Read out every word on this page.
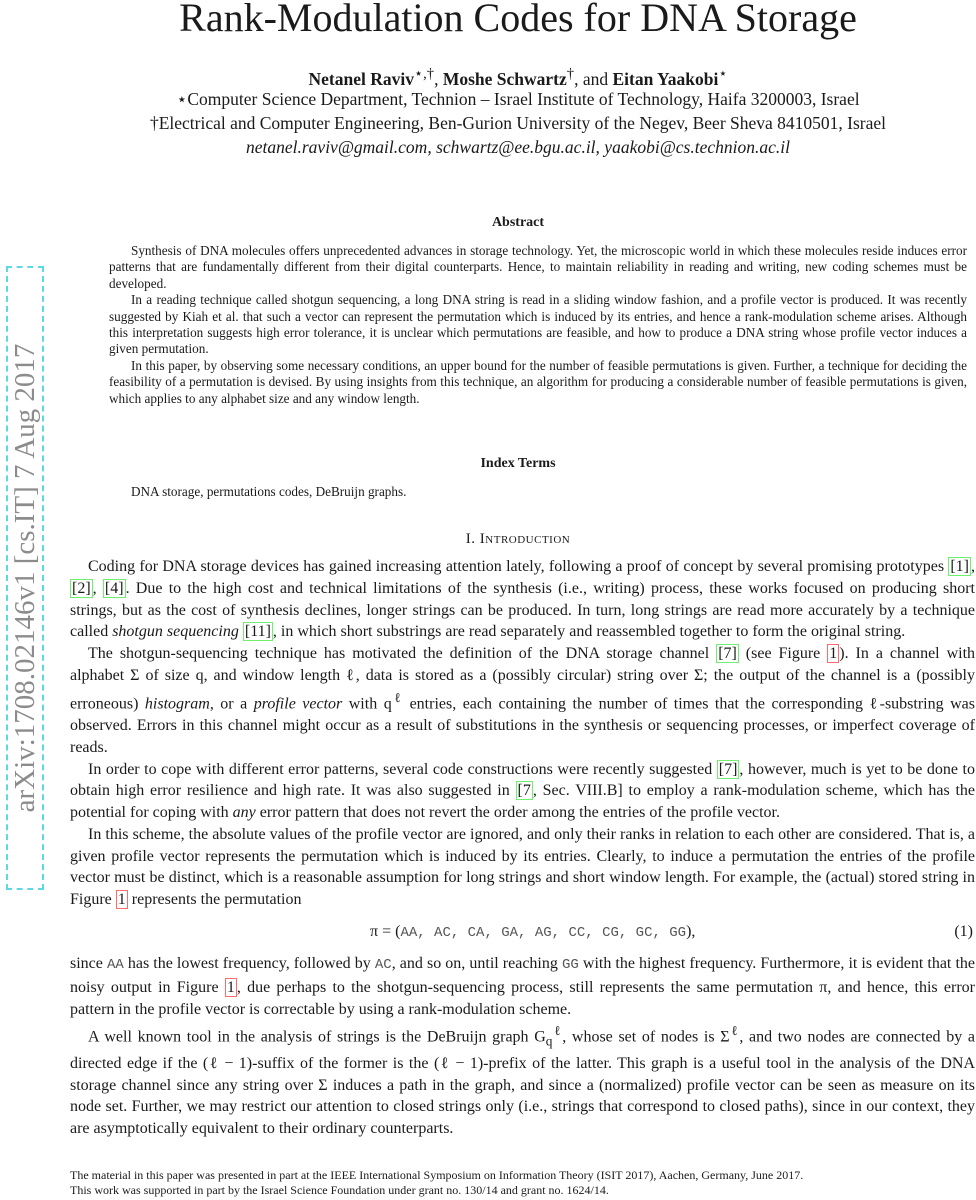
arXiv:1708.02146v1 [cs.IT] 7 Aug 2017
Rank-Modulation Codes for DNA Storage
Netanel Raviv⋆,†, Moshe Schwartz†, and Eitan Yaakobi⋆
⋆Computer Science Department, Technion – Israel Institute of Technology, Haifa 3200003, Israel
†Electrical and Computer Engineering, Ben-Gurion University of the Negev, Beer Sheva 8410501, Israel
netanel.raviv@gmail.com, schwartz@ee.bgu.ac.il, yaakobi@cs.technion.ac.il
Abstract

Synthesis of DNA molecules offers unprecedented advances in storage technology. Yet, the microscopic world in which these molecules reside induces error patterns that are fundamentally different from their digital counterparts. Hence, to maintain reliability in reading and writing, new coding schemes must be developed.

In a reading technique called shotgun sequencing, a long DNA string is read in a sliding window fashion, and a profile vector is produced. It was recently suggested by Kiah et al. that such a vector can represent the permutation which is induced by its entries, and hence a rank-modulation scheme arises. Although this interpretation suggests high error tolerance, it is unclear which permutations are feasible, and how to produce a DNA string whose profile vector induces a given permutation.

In this paper, by observing some necessary conditions, an upper bound for the number of feasible permutations is given. Further, a technique for deciding the feasibility of a permutation is devised. By using insights from this technique, an algorithm for producing a considerable number of feasible permutations is given, which applies to any alphabet size and any window length.

Index Terms
DNA storage, permutations codes, DeBruijn graphs.
I. Introduction

Coding for DNA storage devices has gained increasing attention lately, following a proof of concept by several promising prototypes [1] , [2] , [4] . Due to the high cost and technical limitations of the synthesis (i.e., writing) process, these works focused on producing short strings, but as the cost of synthesis declines, longer strings can be produced. In turn, long strings are read more accurately by a technique called shotgun sequencing [11] , in which short substrings are read separately and reassembled together to form the original string.

The shotgun-sequencing technique has motivated the definition of the DNA storage channel [7] (see Figure 1 ). In a channel with alphabet Σ of size q, and window length ℓ, data is stored as a (possibly circular) string over Σ; the output of the channel is a (possibly erroneous) histogram, or a profile vector with $q^\ell$ entries, each containing the number of times that the corresponding ℓ-substring was observed. Errors in this channel might occur as a result of substitutions in the synthesis or sequencing processes, or imperfect coverage of reads.

In order to cope with different error patterns, several code constructions were recently suggested [7] , however, much is yet to be done to obtain high error resilience and high rate. It was also suggested in [7 , Sec. VIII.B] to employ a rank-modulation scheme, which has the potential for coping with any error pattern that does not revert the order among the entries of the profile vector.

In this scheme, the absolute values of the profile vector are ignored, and only their ranks in relation to each other are considered. That is, a given profile vector represents the permutation which is induced by its entries. Clearly, to induce a permutation the entries of the profile vector must be distinct, which is a reasonable assumption for long strings and short window length. For example, the (actual) stored string in Figure 1 represents the permutation

π = (AA, AC, CA, GA, AG, CC, CG, GC, GG),	(1)

since AA has the lowest frequency, followed by AC, and so on, until reaching GG with the highest frequency. Furthermore, it is evident that the noisy output in Figure 1 , due perhaps to the shotgun-sequencing process, still represents the same permutation π, and hence, this error pattern in the profile vector is correctable by using a rank-modulation scheme.

A well known tool in the analysis of strings is the DeBruijn graph $G_q^\ell$, whose set of nodes is $\Sigma^\ell$, and two nodes are connected by a directed edge if the (ℓ − 1)-suffix of the former is the (ℓ − 1)-prefix of the latter. This graph is a useful tool in the analysis of the DNA storage channel since any string over Σ induces a path in the graph, and since a (normalized) profile vector can be seen as measure on its node set. Further, we may restrict our attention to closed strings only (i.e., strings that correspond to closed paths), since in our context, they are asymptotically equivalent to their ordinary counterparts.

The material in this paper was presented in part at the IEEE International Symposium on Information Theory (ISIT 2017), Aachen, Germany, June 2017.
This work was supported in part by the Israel Science Foundation under grant no. 130/14 and grant no. 1624/14.
